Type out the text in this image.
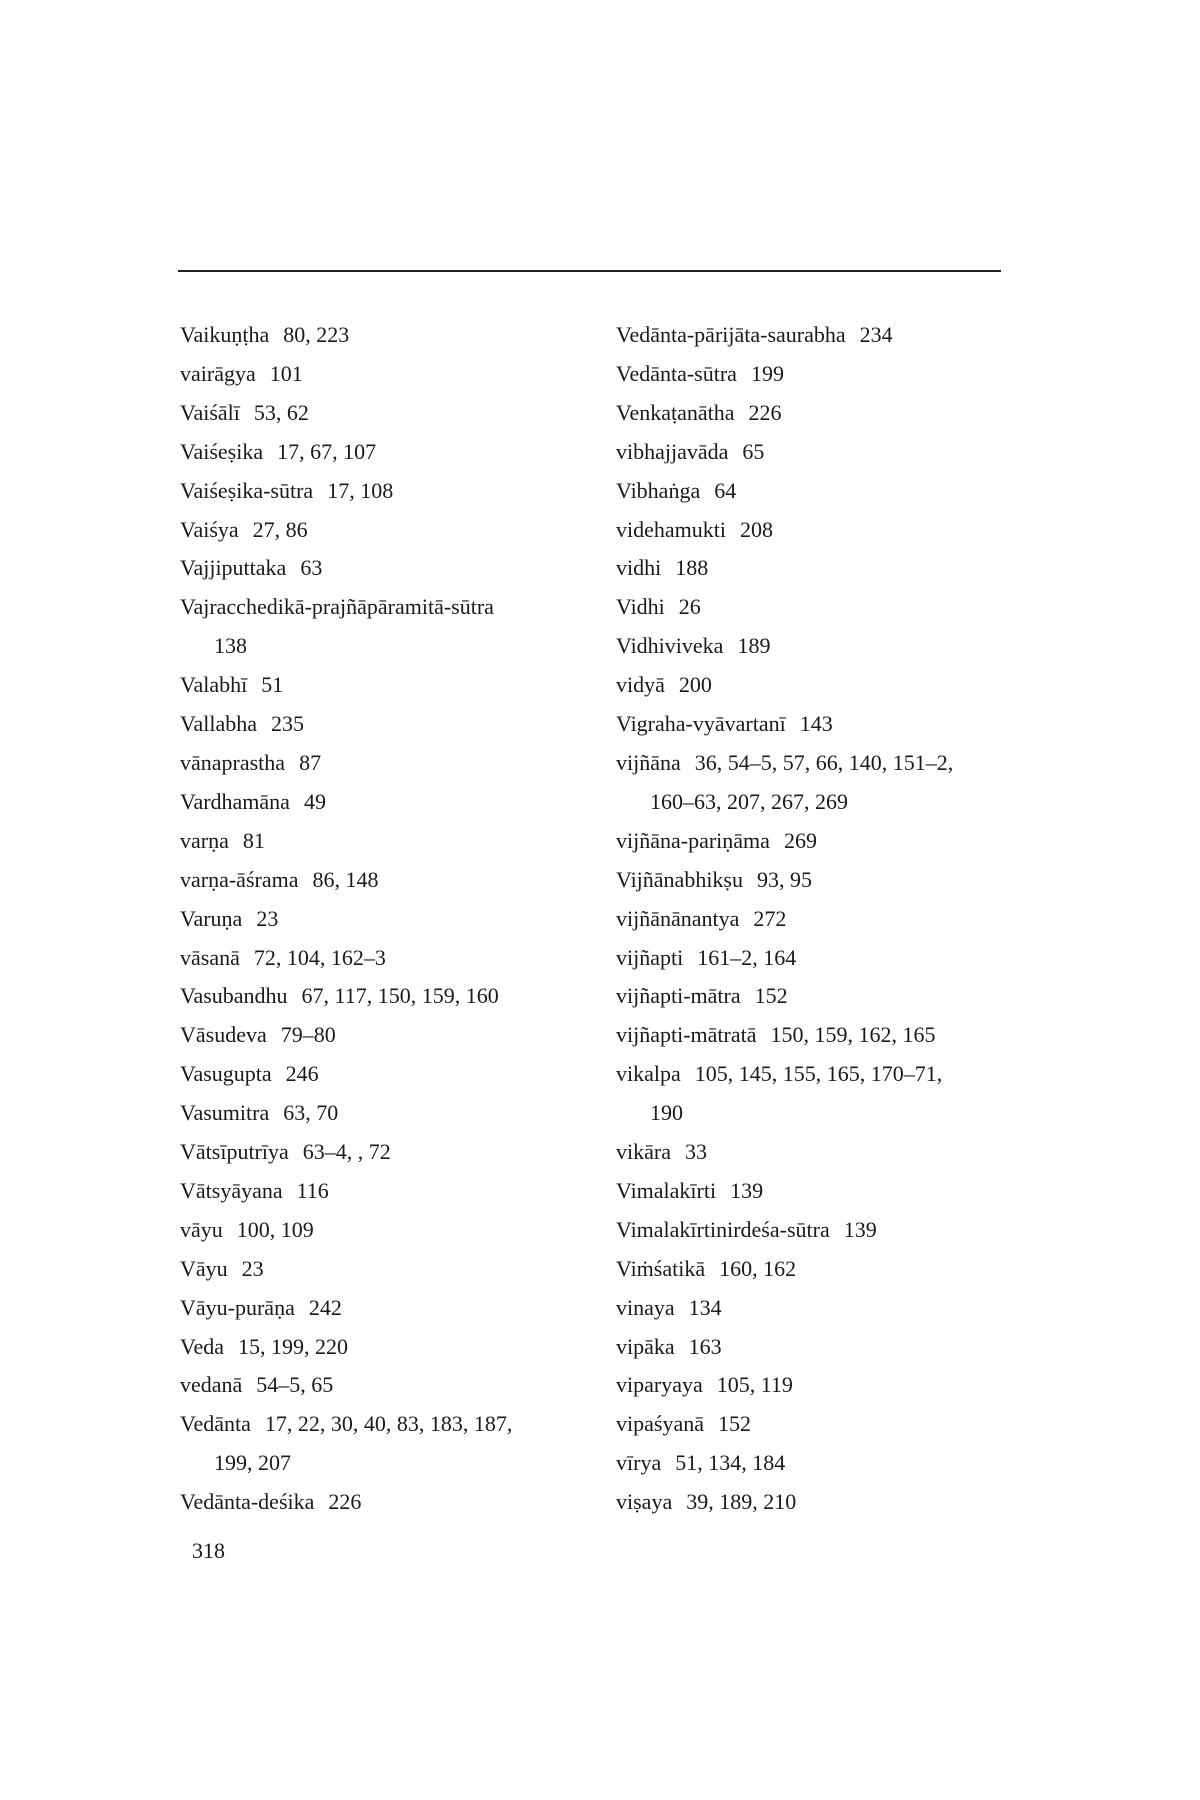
Vaikuṇṭha 80, 223
vairāgya 101
Vaiśālī 53, 62
Vaiśeṣika 17, 67, 107
Vaiśeṣika-sūtra 17, 108
Vaiśya 27, 86
Vajjiputtaka 63
Vajracchedikā-prajñāpāramitā-sūtra
138
Valabhī 51
Vallabha 235
vānaprastha 87
Vardhamāna 49
varṇa 81
varṇa-āśrama 86, 148
Varuṇa 23
vāsanā 72, 104, 162–3
Vasubandhu 67, 117, 150, 159, 160
Vāsudeva 79–80
Vasugupta 246
Vasumitra 63, 70
Vātsīputrīya 63–4, , 72
Vātsyāyana 116
vāyu 100, 109
Vāyu 23
Vāyu-purāṇa 242
Veda 15, 199, 220
vedanā 54–5, 65
Vedānta 17, 22, 30, 40, 83, 183, 187,
199, 207
Vedānta-deśika 226
Vedānta-pārijāta-saurabha 234
Vedānta-sūtra 199
Venkaṭanātha 226
vibhajjavāda 65
Vibhaṅga 64
videhamukti 208
vidhi 188
Vidhi 26
Vidhiviveka 189
vidyā 200
Vigraha-vyāvartanī 143
vijñāna 36, 54–5, 57, 66, 140, 151–2,
160–63, 207, 267, 269
vijñāna-pariṇāma 269
Vijñānabhikṣu 93, 95
vijñānānantya 272
vijñapti 161–2, 164
vijñapti-mātra 152
vijñapti-mātratā 150, 159, 162, 165
vikalpa 105, 145, 155, 165, 170–71,
190
vikāra 33
Vimalakīrti 139
Vimalakīrtinirdeśa-sūtra 139
Viṁśatikā 160, 162
vinaya 134
vipāka 163
viparyaya 105, 119
vipaśyanā 152
vīrya 51, 134, 184
viṣaya 39, 189, 210
318
